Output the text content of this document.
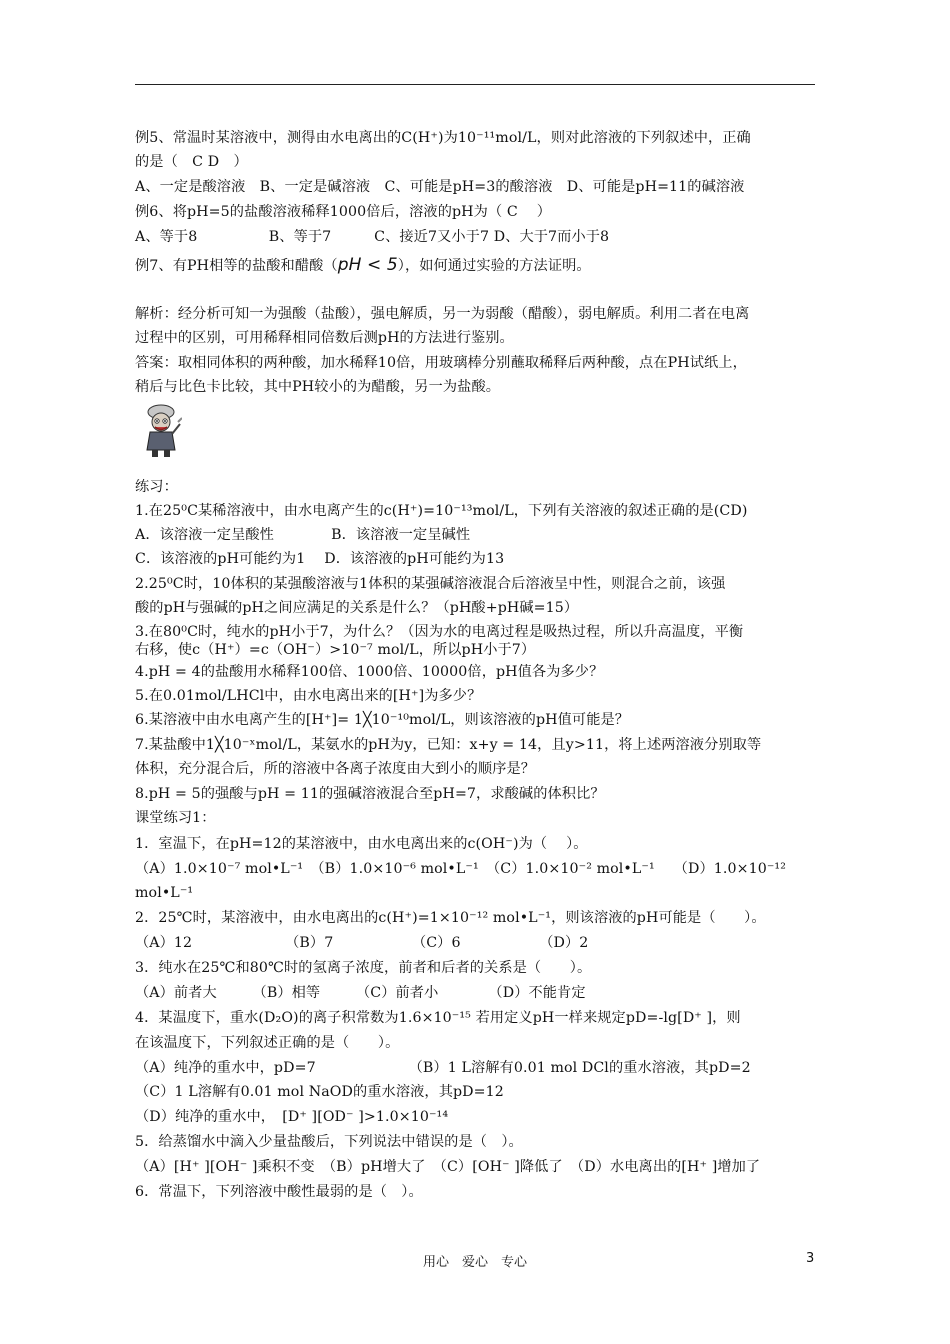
例5、常温时某溶液中，测得由水电离出的C(H⁺)为10⁻¹¹mol/L，则对此溶液的下列叙述中，正确
的是（　C D　）
A、一定是酸溶液　B、一定是碱溶液　C、可能是pH=3的酸溶液　D、可能是pH=11的碱溶液
例6、将pH=5的盐酸溶液稀释1000倍后，溶液的pH为（ C　 ）
A、等于8　　　　　B、等于7　　　C、接近7又小于7 D、大于7而小于8
例7、有PH相等的盐酸和醋酸（pH < 5），如何通过实验的方法证明。
解析：经分析可知一为强酸（盐酸），强电解质，另一为弱酸（醋酸），弱电解质。利用二者在电离
过程中的区别，可用稀释相同倍数后测pH的方法进行鉴别。
答案：取相同体积的两种酸，加水稀释10倍，用玻璃棒分别蘸取稀释后两种酸，点在PH试纸上，
稍后与比色卡比较，其中PH较小的为醋酸，另一为盐酸。
练习：
1.在25⁰C某稀溶液中，由水电离产生的c(H⁺)=10⁻¹³mol/L，下列有关溶液的叙述正确的是(CD)
A．该溶液一定呈酸性　　　　B．该溶液一定呈碱性
C．该溶液的pH可能约为1　 D．该溶液的pH可能约为13
2.25⁰C时，10体积的某强酸溶液与1体积的某强碱溶液混合后溶液呈中性，则混合之前，该强
酸的pH与强碱的pH之间应满足的关系是什么？（pH酸+pH碱=15）
3.在80⁰C时，纯水的pH小于7，为什么？（因为水的电离过程是吸热过程，所以升高温度，平衡
右移，使c（H⁺）=c（OH⁻）>10⁻⁷ mol/L，所以pH小于7）
4.pH = 4的盐酸用水稀释100倍、1000倍、10000倍，pH值各为多少？
5.在0.01mol/LHCl中，由水电离出来的[H⁺]为多少？
6.某溶液中由水电离产生的[H⁺]= 1╳10⁻¹⁰mol/L，则该溶液的pH值可能是？
7.某盐酸中1╳10⁻ˣmol/L，某氨水的pH为y，已知：x+y = 14，且y>11，将上述两溶液分别取等
体积，充分混合后，所的溶液中各离子浓度由大到小的顺序是？
8.pH = 5的强酸与pH = 11的强碱溶液混合至pH=7，求酸碱的体积比？
课堂练习1：
1．室温下，在pH=12的某溶液中，由水电离出来的c(OH⁻)为（　 ）。
（A）1.0×10⁻⁷ mol•L⁻¹　（B）1.0×10⁻⁶ mol•L⁻¹　（C）1.0×10⁻² mol•L⁻¹　 （D）1.0×10⁻¹²
mol•L⁻¹
2．25℃时，某溶液中，由水电离出的c(H⁺)=1×10⁻¹² mol•L⁻¹，则该溶液的pH可能是（　　）。
（A）12　　　　　　　（B）7　　　　　　（C）6　　　　　　（D）2
3．纯水在25℃和80℃时的氢离子浓度，前者和后者的关系是（　　）。
（A）前者大　　　（B）相等　　　（C）前者小　　　　（D）不能肯定
4．某温度下，重水(D₂O)的离子积常数为1.6×10⁻¹⁵ 若用定义pH一样来规定pD=-lg[D⁺ ]，则
在该温度下，下列叙述正确的是（　　）。
（A）纯净的重水中，pD=7　　　　　　　（B）1 L溶解有0.01 mol DCl的重水溶液，其pD=2
（C）1 L溶解有0.01 mol NaOD的重水溶液，其pD=12
（D）纯净的重水中，　[D⁺ ][OD⁻ ]>1.0×10⁻¹⁴
5．给蒸馏水中滴入少量盐酸后，下列说法中错误的是（　）。
（A）[H⁺ ][OH⁻ ]乘积不变　（B）pH增大了　（C）[OH⁻ ]降低了　（D）水电离出的[H⁺ ]增加了
6．常温下，下列溶液中酸性最弱的是（　）。
用心　爱心　专心	3
